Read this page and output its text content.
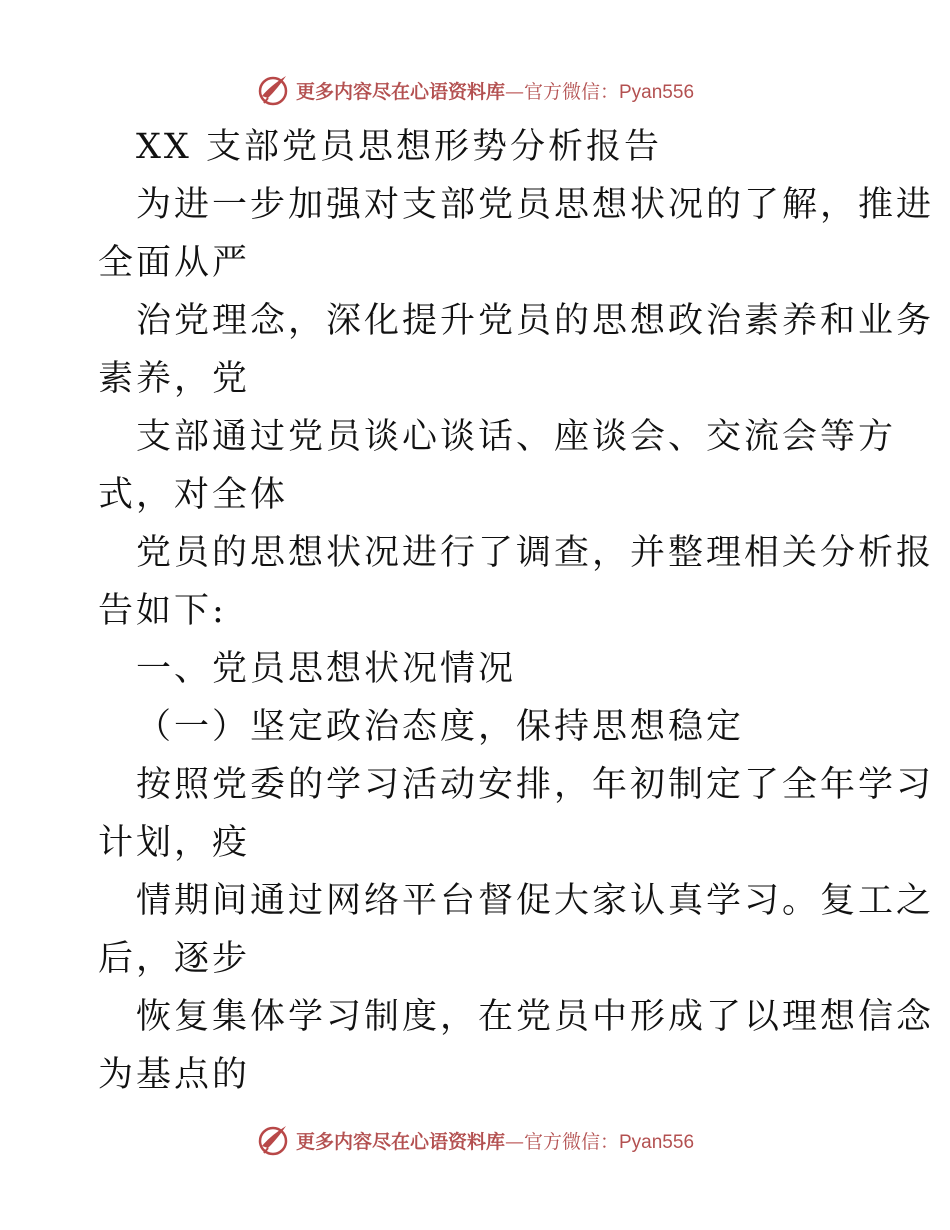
更多内容尽在心语资料库—官方微信：Pyan556
XX 支部党员思想形势分析报告
为进一步加强对支部党员思想状况的了解，推进
全面从严
治党理念，深化提升党员的思想政治素养和业务
素养，党
支部通过党员谈心谈话、座谈会、交流会等方
式，对全体
党员的思想状况进行了调查，并整理相关分析报
告如下:
一、党员思想状况情况
（一）坚定政治态度，保持思想稳定
按照党委的学习活动安排，年初制定了全年学习
计划，疫
情期间通过网络平台督促大家认真学习。复工之
后，逐步
恢复集体学习制度，在党员中形成了以理想信念
为基点的
更多内容尽在心语资料库—官方微信：Pyan556
